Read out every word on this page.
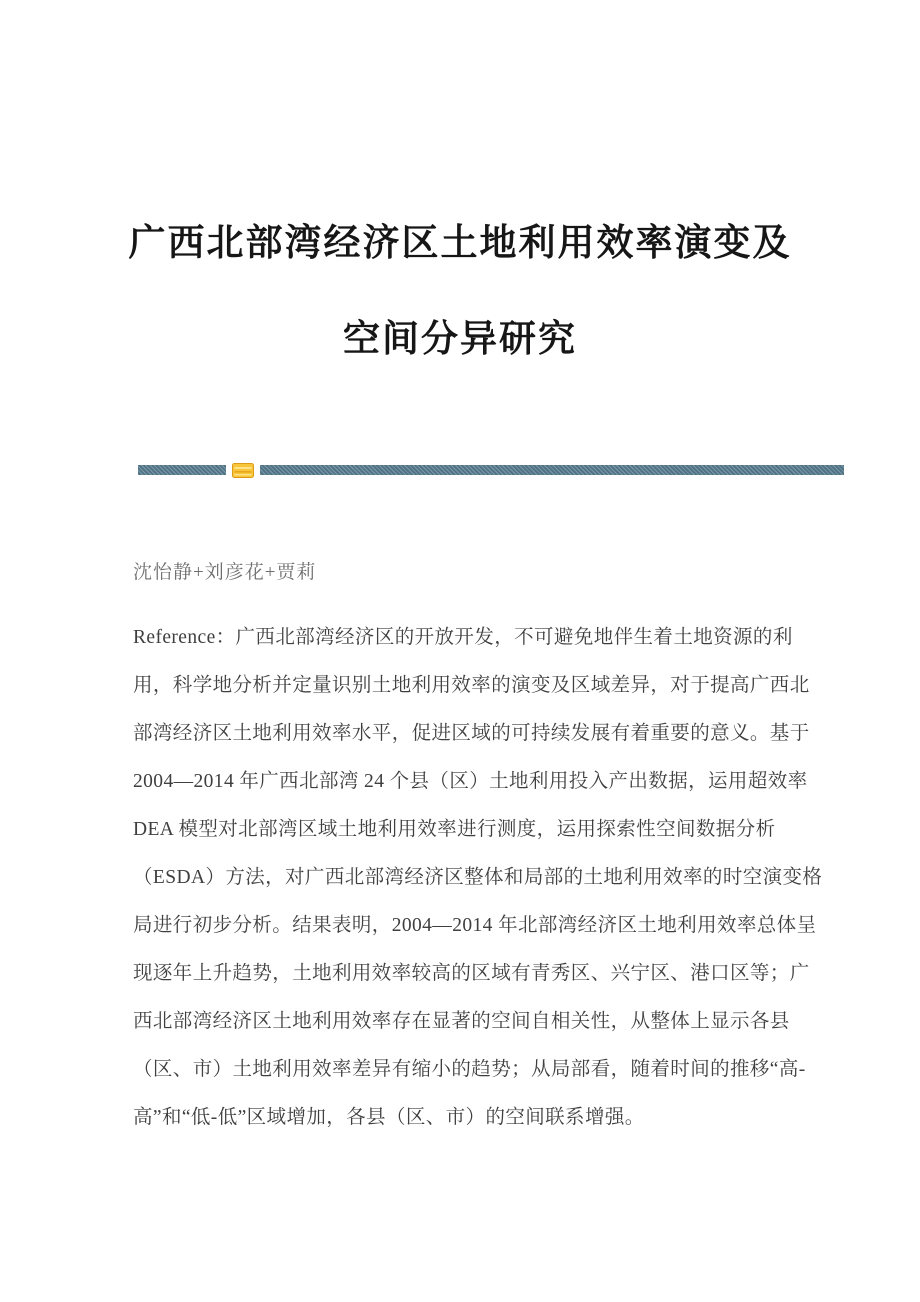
广西北部湾经济区土地利用效率演变及
空间分异研究
沈怡静+刘彦花+贾莉
Reference：广西北部湾经济区的开放开发，不可避免地伴生着土地资源的利
用，科学地分析并定量识别土地利用效率的演变及区域差异，对于提高广西北
部湾经济区土地利用效率水平，促进区域的可持续发展有着重要的意义。基于
2004—2014 年广西北部湾 24 个县（区）土地利用投入产出数据，运用超效率
DEA 模型对北部湾区域土地利用效率进行测度，运用探索性空间数据分析
（ESDA）方法，对广西北部湾经济区整体和局部的土地利用效率的时空演变格
局进行初步分析。结果表明，2004—2014 年北部湾经济区土地利用效率总体呈
现逐年上升趋势，土地利用效率较高的区域有青秀区、兴宁区、港口区等；广
西北部湾经济区土地利用效率存在显著的空间自相关性，从整体上显示各县
（区、市）土地利用效率差异有缩小的趋势；从局部看，随着时间的推移“高-
高”和“低-低”区域增加，各县（区、市）的空间联系增强。
